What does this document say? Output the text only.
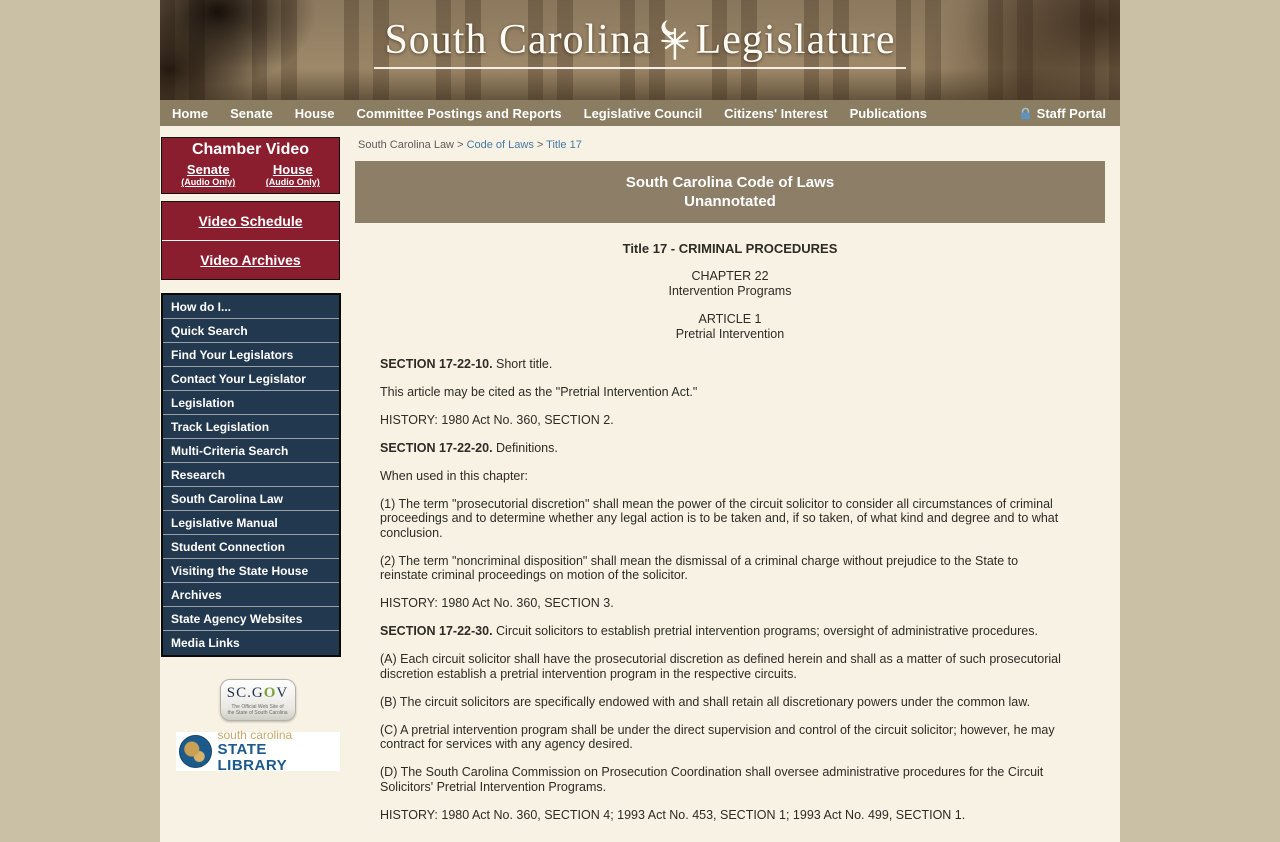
South Carolina Legislature
Home Senate House Committee Postings and Reports Legislative Council Citizens' Interest Publications	Staff Portal
Chamber Video
Senate
(Audio Only)
House
(Audio Only)
Video Schedule
Video Archives
How do I...
Quick Search
Find Your Legislators
Contact Your Legislator
Legislation
Track Legislation
Multi-Criteria Search
Research
South Carolina Law
Legislative Manual
Student Connection
Visiting the State House
Archives
State Agency Websites
Media Links
SC.GOV
The Official Web Site of
the State of South Carolina
south carolina
STATE LIBRARY
South Carolina Law > Code of Laws > Title 17
South Carolina Code of Laws
Unannotated
Title 17 - CRIMINAL PROCEDURES
CHAPTER 22
Intervention Programs
ARTICLE 1
Pretrial Intervention

SECTION 17-22-10. Short title.

This article may be cited as the "Pretrial Intervention Act."

HISTORY: 1980 Act No. 360, SECTION 2.

SECTION 17-22-20. Definitions.

When used in this chapter:

(1) The term "prosecutorial discretion" shall mean the power of the circuit solicitor to consider all circumstances of criminal proceedings and to determine whether any legal action is to be taken and, if so taken, of what kind and degree and to what conclusion.

(2) The term "noncriminal disposition" shall mean the dismissal of a criminal charge without prejudice to the State to reinstate criminal proceedings on motion of the solicitor.

HISTORY: 1980 Act No. 360, SECTION 3.

SECTION 17-22-30. Circuit solicitors to establish pretrial intervention programs; oversight of administrative procedures.

(A) Each circuit solicitor shall have the prosecutorial discretion as defined herein and shall as a matter of such prosecutorial discretion establish a pretrial intervention program in the respective circuits.

(B) The circuit solicitors are specifically endowed with and shall retain all discretionary powers under the common law.

(C) A pretrial intervention program shall be under the direct supervision and control of the circuit solicitor; however, he may contract for services with any agency desired.

(D) The South Carolina Commission on Prosecution Coordination shall oversee administrative procedures for the Circuit Solicitors' Pretrial Intervention Programs.

HISTORY: 1980 Act No. 360, SECTION 4; 1993 Act No. 453, SECTION 1; 1993 Act No. 499, SECTION 1.
